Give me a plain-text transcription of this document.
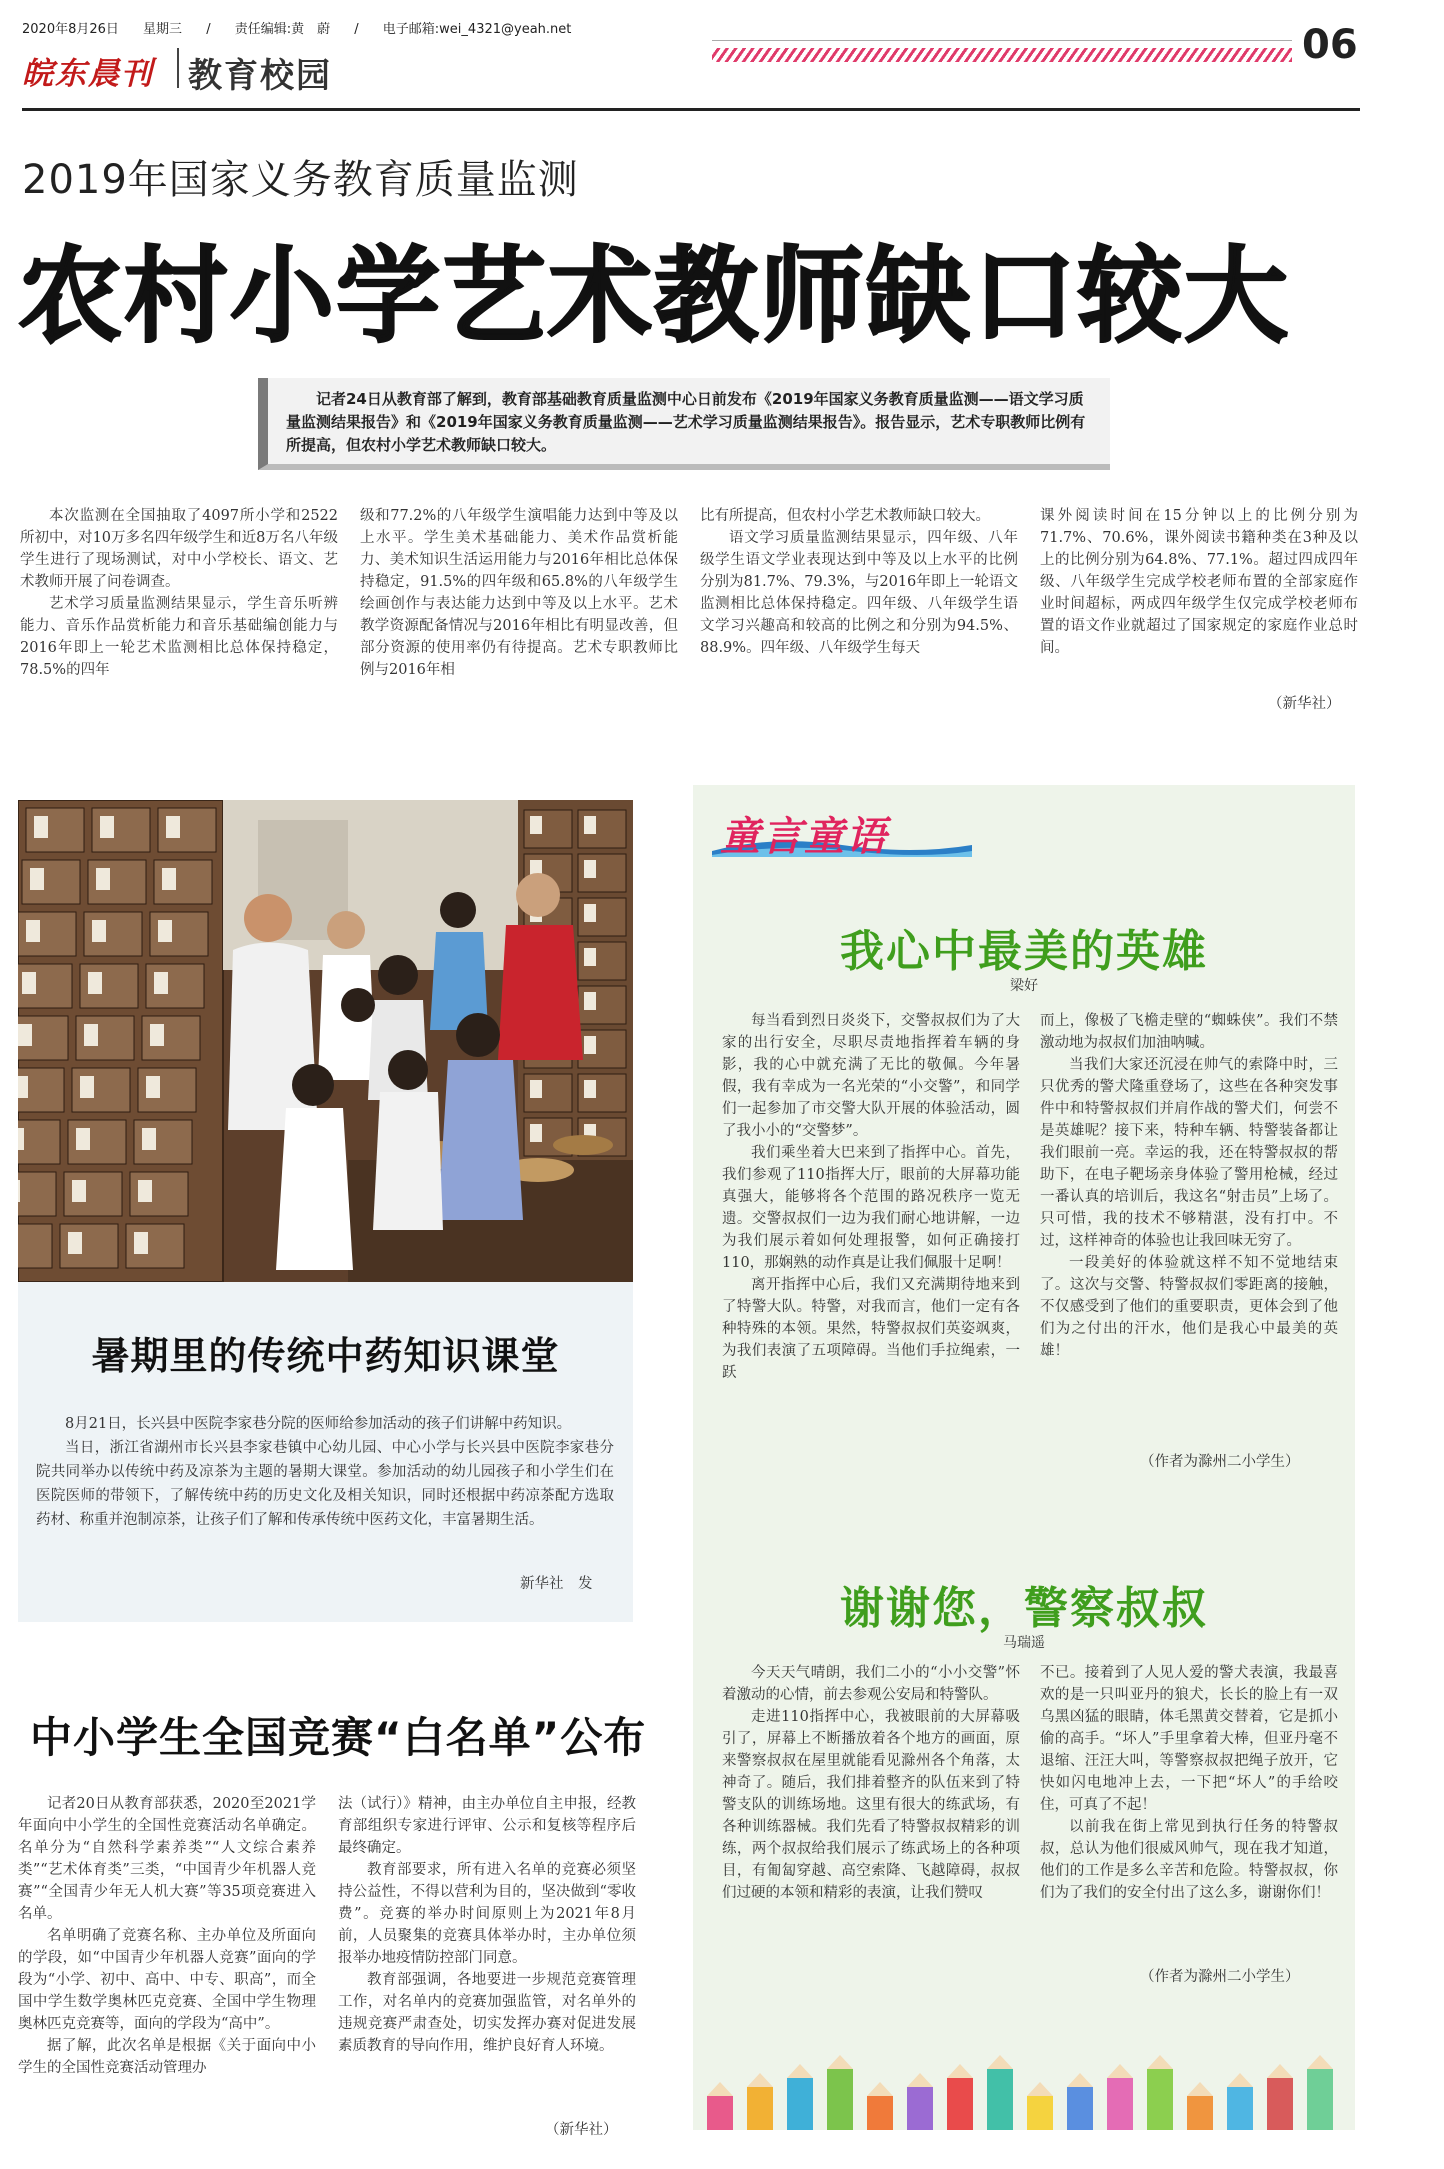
2020年8月26日 星期三 / 责任编辑:黄　蔚 / 电子邮箱:wei_4321@yeah.net
皖东晨刊 教育校园
06
2019年国家义务教育质量监测
农村小学艺术教师缺口较大
记者24日从教育部了解到，教育部基础教育质量监测中心日前发布《2019年国家义务教育质量监测——语文学习质量监测结果报告》和《2019年国家义务教育质量监测——艺术学习质量监测结果报告》。报告显示，艺术专职教师比例有所提高，但农村小学艺术教师缺口较大。

本次监测在全国抽取了4097所小学和2522所初中，对10万多名四年级学生和近8万名八年级学生进行了现场测试，对中小学校长、语文、艺术教师开展了问卷调查。

艺术学习质量监测结果显示，学生音乐听辨能力、音乐作品赏析能力和音乐基础编创能力与2016年即上一轮艺术监测相比总体保持稳定，78.5%的四年

级和77.2%的八年级学生演唱能力达到中等及以上水平。学生美术基础能力、美术作品赏析能力、美术知识生活运用能力与2016年相比总体保持稳定，91.5%的四年级和65.8%的八年级学生绘画创作与表达能力达到中等及以上水平。艺术教学资源配备情况与2016年相比有明显改善，但部分资源的使用率仍有待提高。艺术专职教师比例与2016年相

比有所提高，但农村小学艺术教师缺口较大。

语文学习质量监测结果显示，四年级、八年级学生语文学业表现达到中等及以上水平的比例分别为81.7%、79.3%，与2016年即上一轮语文监测相比总体保持稳定。四年级、八年级学生语文学习兴趣高和较高的比例之和分别为94.5%、88.9%。四年级、八年级学生每天

课外阅读时间在15分钟以上的比例分别为71.7%、70.6%，课外阅读书籍种类在3种及以上的比例分别为64.8%、77.1%。超过四成四年级、八年级学生完成学校老师布置的全部家庭作业时间超标，两成四年级学生仅完成学校老师布置的语文作业就超过了国家规定的家庭作业总时间。

（新华社）
暑期里的传统中药知识课堂

8月21日，长兴县中医院李家巷分院的医师给参加活动的孩子们讲解中药知识。

当日，浙江省湖州市长兴县李家巷镇中心幼儿园、中心小学与长兴县中医院李家巷分院共同举办以传统中药及凉茶为主题的暑期大课堂。参加活动的幼儿园孩子和小学生们在医院医师的带领下，了解传统中药的历史文化及相关知识，同时还根据中药凉茶配方选取药材、称重并泡制凉茶，让孩子们了解和传承传统中医药文化，丰富暑期生活。

新华社　发
中小学生全国竞赛“白名单”公布

记者20日从教育部获悉，2020至2021学年面向中小学生的全国性竞赛活动名单确定。名单分为“自然科学素养类”“人文综合素养类”“艺术体育类”三类，“中国青少年机器人竞赛”“全国青少年无人机大赛”等35项竞赛进入名单。

名单明确了竞赛名称、主办单位及所面向的学段，如“中国青少年机器人竞赛”面向的学段为“小学、初中、高中、中专、职高”，而全国中学生数学奥林匹克竞赛、全国中学生物理奥林匹克竞赛等，面向的学段为“高中”。

据了解，此次名单是根据《关于面向中小学生的全国性竞赛活动管理办

法（试行）》精神，由主办单位自主申报，经教育部组织专家进行评审、公示和复核等程序后最终确定。

教育部要求，所有进入名单的竞赛必须坚持公益性，不得以营利为目的，坚决做到“零收费”。竞赛的举办时间原则上为2021年8月前，人员聚集的竞赛具体举办时，主办单位须报举办地疫情防控部门同意。

教育部强调，各地要进一步规范竞赛管理工作，对名单内的竞赛加强监管，对名单外的违规竞赛严肃查处，切实发挥办赛对促进发展素质教育的导向作用，维护良好育人环境。

（新华社）
童言童语
我心中最美的英雄
梁好

每当看到烈日炎炎下，交警叔叔们为了大家的出行安全，尽职尽责地指挥着车辆的身影，我的心中就充满了无比的敬佩。今年暑假，我有幸成为一名光荣的“小交警”，和同学们一起参加了市交警大队开展的体验活动，圆了我小小的“交警梦”。

我们乘坐着大巴来到了指挥中心。首先，我们参观了110指挥大厅，眼前的大屏幕功能真强大，能够将各个范围的路况秩序一览无遗。交警叔叔们一边为我们耐心地讲解，一边为我们展示着如何处理报警，如何正确接打110，那娴熟的动作真是让我们佩服十足啊！

离开指挥中心后，我们又充满期待地来到了特警大队。特警，对我而言，他们一定有各种特殊的本领。果然，特警叔叔们英姿飒爽，为我们表演了五项障碍。当他们手拉绳索，一跃

而上，像极了飞檐走壁的“蜘蛛侠”。我们不禁激动地为叔叔们加油呐喊。

当我们大家还沉浸在帅气的索降中时，三只优秀的警犬隆重登场了，这些在各种突发事件中和特警叔叔们并肩作战的警犬们，何尝不是英雄呢？接下来，特种车辆、特警装备都让我们眼前一亮。幸运的我，还在特警叔叔的帮助下，在电子靶场亲身体验了警用枪械，经过一番认真的培训后，我这名“射击员”上场了。只可惜，我的技术不够精湛，没有打中。不过，这样神奇的体验也让我回味无穷了。

一段美好的体验就这样不知不觉地结束了。这次与交警、特警叔叔们零距离的接触，不仅感受到了他们的重要职责，更体会到了他们为之付出的汗水，他们是我心中最美的英雄！

（作者为滁州二小学生）
谢谢您，警察叔叔
马瑞遥

今天天气晴朗，我们二小的“小小交警”怀着激动的心情，前去参观公安局和特警队。

走进110指挥中心，我被眼前的大屏幕吸引了，屏幕上不断播放着各个地方的画面，原来警察叔叔在屋里就能看见滁州各个角落，太神奇了。随后，我们排着整齐的队伍来到了特警支队的训练场地。这里有很大的练武场，有各种训练器械。我们先看了特警叔叔精彩的训练，两个叔叔给我们展示了练武场上的各种项目，有匍匐穿越、高空索降、飞越障碍，叔叔们过硬的本领和精彩的表演，让我们赞叹

不已。接着到了人见人爱的警犬表演，我最喜欢的是一只叫亚丹的狼犬，长长的脸上有一双乌黑凶猛的眼睛，体毛黑黄交替着，它是抓小偷的高手。“坏人”手里拿着大棒，但亚丹毫不退缩、汪汪大叫，等警察叔叔把绳子放开，它快如闪电地冲上去，一下把“坏人”的手给咬住，可真了不起！

以前我在街上常见到执行任务的特警叔叔，总认为他们很威风帅气，现在我才知道，他们的工作是多么辛苦和危险。特警叔叔，你们为了我们的安全付出了这么多，谢谢你们！

（作者为滁州二小学生）
